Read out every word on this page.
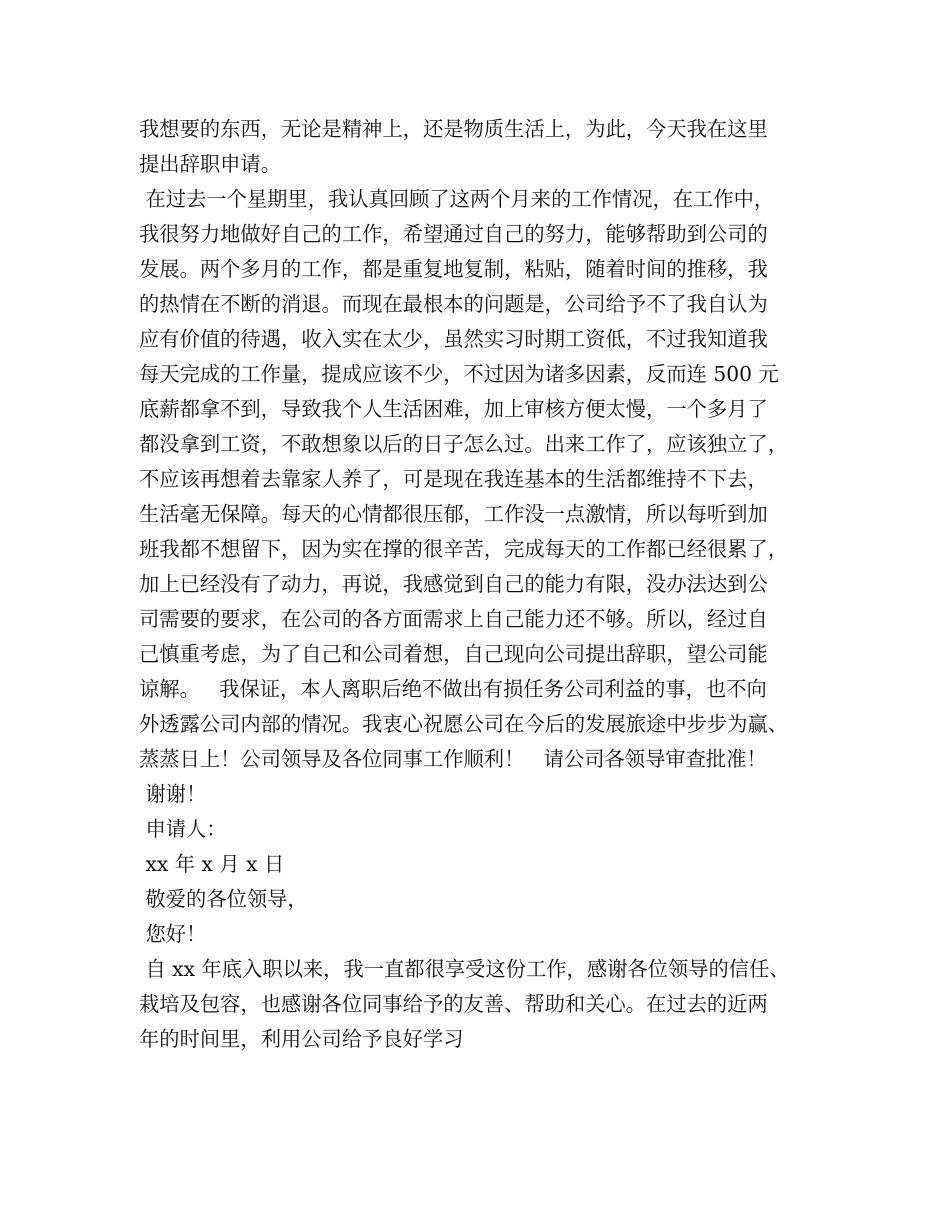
我想要的东西，无论是精神上，还是物质生活上，为此，今天我在这里
提出辞职申请。
在过去一个星期里，我认真回顾了这两个月来的工作情况，在工作中，
我很努力地做好自己的工作，希望通过自己的努力，能够帮助到公司的
发展。两个多月的工作，都是重复地复制，粘贴，随着时间的推移，我
的热情在不断的消退。而现在最根本的问题是，公司给予不了我自认为
应有价值的待遇，收入实在太少，虽然实习时期工资低，不过我知道我
每天完成的工作量，提成应该不少，不过因为诸多因素，反而连 500 元
底薪都拿不到，导致我个人生活困难，加上审核方便太慢，一个多月了
都没拿到工资，不敢想象以后的日子怎么过。出来工作了，应该独立了，
不应该再想着去靠家人养了，可是现在我连基本的生活都维持不下去，
生活毫无保障。每天的心情都很压郁，工作没一点激情，所以每听到加
班我都不想留下，因为实在撑的很辛苦，完成每天的工作都已经很累了，
加上已经没有了动力，再说，我感觉到自己的能力有限，没办法达到公
司需要的要求，在公司的各方面需求上自己能力还不够。所以，经过自
己慎重考虑，为了自己和公司着想，自己现向公司提出辞职，望公司能
谅解。   我保证，本人离职后绝不做出有损任务公司利益的事，也不向
外透露公司内部的情况。我衷心祝愿公司在今后的发展旅途中步步为赢、
蒸蒸日上！公司领导及各位同事工作顺利！   请公司各领导审查批准！
谢谢！
申请人：
xx 年 x 月 x 日
敬爱的各位领导，
您好！
自 xx 年底入职以来，我一直都很享受这份工作，感谢各位领导的信任、
栽培及包容，也感谢各位同事给予的友善、帮助和关心。在过去的近两
年的时间里，利用公司给予良好学习
